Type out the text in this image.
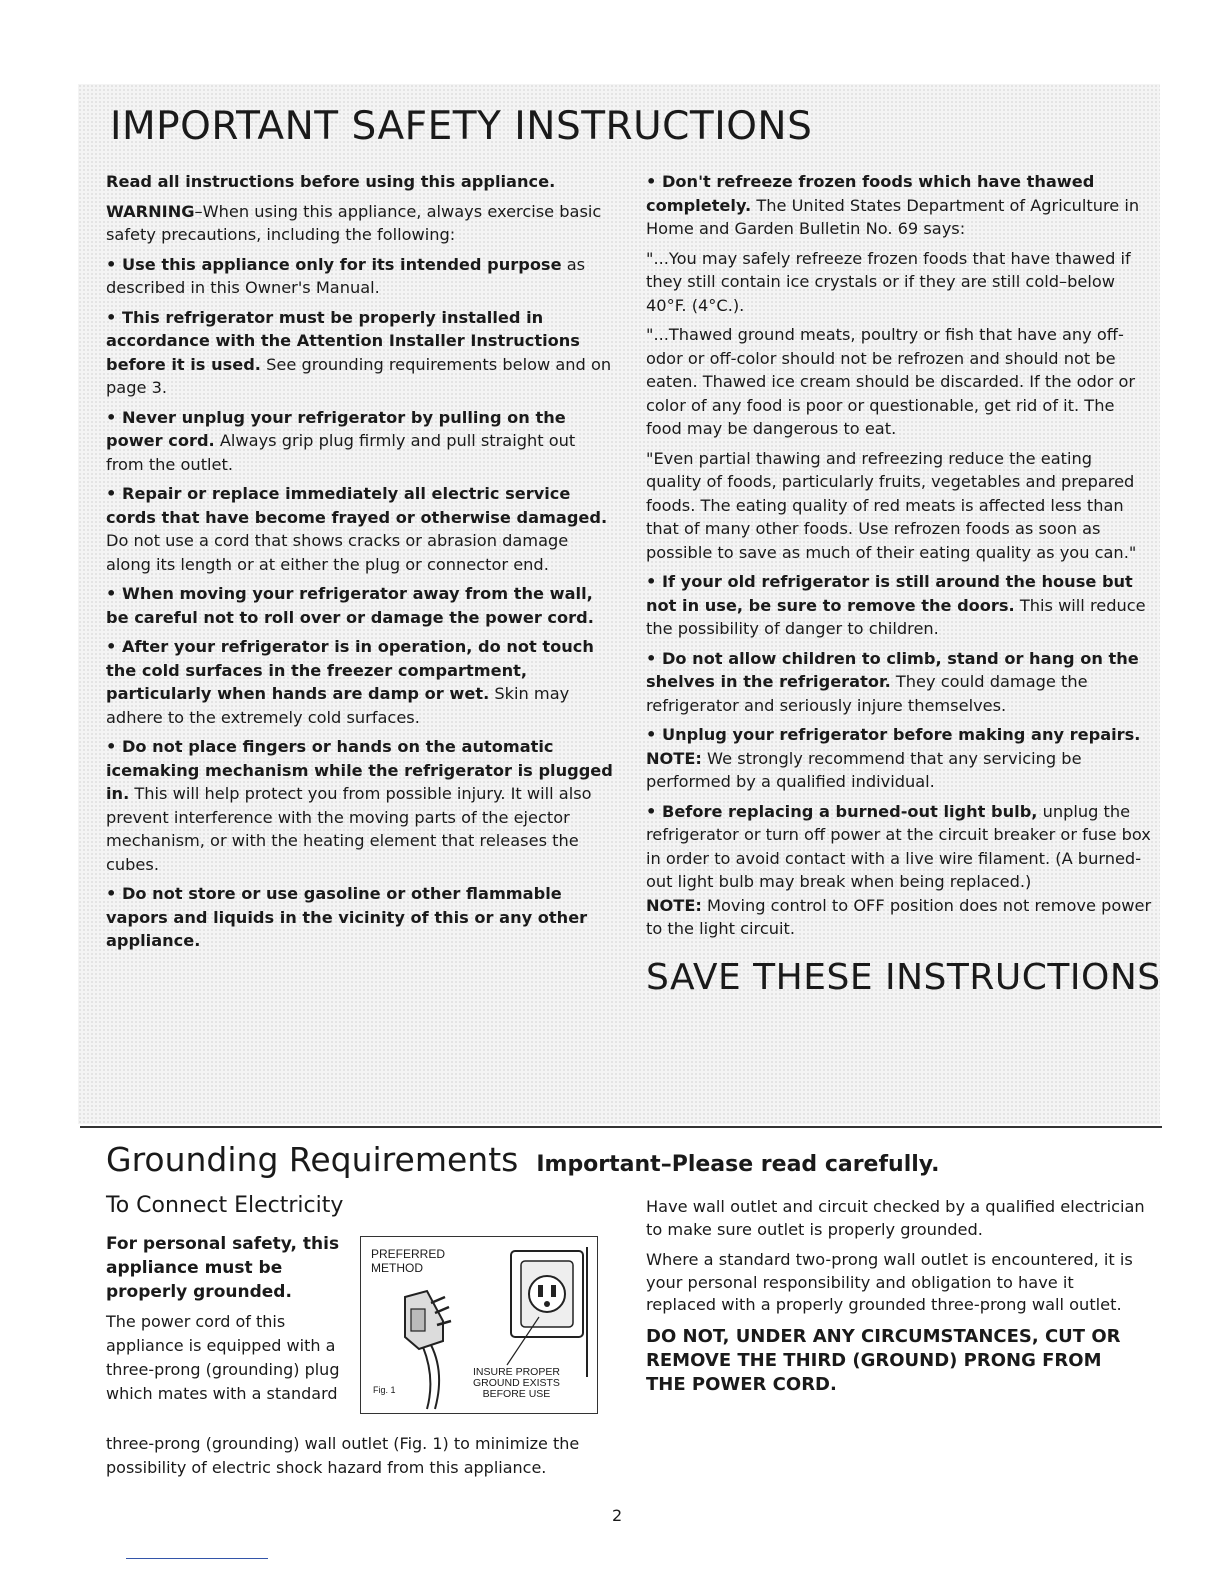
IMPORTANT SAFETY INSTRUCTIONS

Read all instructions before using this appliance.

WARNING–When using this appliance, always exercise basic safety precautions, including the following:

• Use this appliance only for its intended purpose as described in this Owner's Manual.

• This refrigerator must be properly installed in accordance with the Attention Installer Instructions before it is used. See grounding requirements below and on page 3.

• Never unplug your refrigerator by pulling on the power cord. Always grip plug firmly and pull straight out from the outlet.

• Repair or replace immediately all electric service cords that have become frayed or otherwise damaged. Do not use a cord that shows cracks or abrasion damage along its length or at either the plug or connector end.

• When moving your refrigerator away from the wall, be careful not to roll over or damage the power cord.

• After your refrigerator is in operation, do not touch the cold surfaces in the freezer compartment, particularly when hands are damp or wet. Skin may adhere to the extremely cold surfaces.

• Do not place fingers or hands on the automatic icemaking mechanism while the refrigerator is plugged in. This will help protect you from possible injury. It will also prevent interference with the moving parts of the ejector mechanism, or with the heating element that releases the cubes.

• Do not store or use gasoline or other flammable vapors and liquids in the vicinity of this or any other appliance.

• Don't refreeze frozen foods which have thawed completely. The United States Department of Agriculture in Home and Garden Bulletin No. 69 says:

"...You may safely refreeze frozen foods that have thawed if they still contain ice crystals or if they are still cold–below 40°F. (4°C.).

"...Thawed ground meats, poultry or fish that have any off-odor or off-color should not be refrozen and should not be eaten. Thawed ice cream should be discarded. If the odor or color of any food is poor or questionable, get rid of it. The food may be dangerous to eat.

"Even partial thawing and refreezing reduce the eating quality of foods, particularly fruits, vegetables and prepared foods. The eating quality of red meats is affected less than that of many other foods. Use refrozen foods as soon as possible to save as much of their eating quality as you can."

• If your old refrigerator is still around the house but not in use, be sure to remove the doors. This will reduce the possibility of danger to children.

• Do not allow children to climb, stand or hang on the shelves in the refrigerator. They could damage the refrigerator and seriously injure themselves.

• Unplug your refrigerator before making any repairs. NOTE: We strongly recommend that any servicing be performed by a qualified individual.

• Before replacing a burned-out light bulb, unplug the refrigerator or turn off power at the circuit breaker or fuse box in order to avoid contact with a live wire filament. (A burned-out light bulb may break when being replaced.)

NOTE: Moving control to OFF position does not remove power to the light circuit.

SAVE THESE INSTRUCTIONS
Grounding Requirements Important–Please read carefully.

To Connect Electricity

For personal safety, this appliance must be properly grounded.

The power cord of this appliance is equipped with a three-prong (grounding) plug which mates with a standard

three-prong (grounding) wall outlet (Fig. 1) to minimize the possibility of electric shock hazard from this appliance.

PREFERRED
METHOD
INSURE PROPER
GROUND EXISTS
BEFORE USE
Fig. 1

Have wall outlet and circuit checked by a qualified electrician to make sure outlet is properly grounded.

Where a standard two-prong wall outlet is encountered, it is your personal responsibility and obligation to have it replaced with a properly grounded three-prong wall outlet.

DO NOT, UNDER ANY CIRCUMSTANCES, CUT OR REMOVE THE THIRD (GROUND) PRONG FROM THE POWER CORD.

2
